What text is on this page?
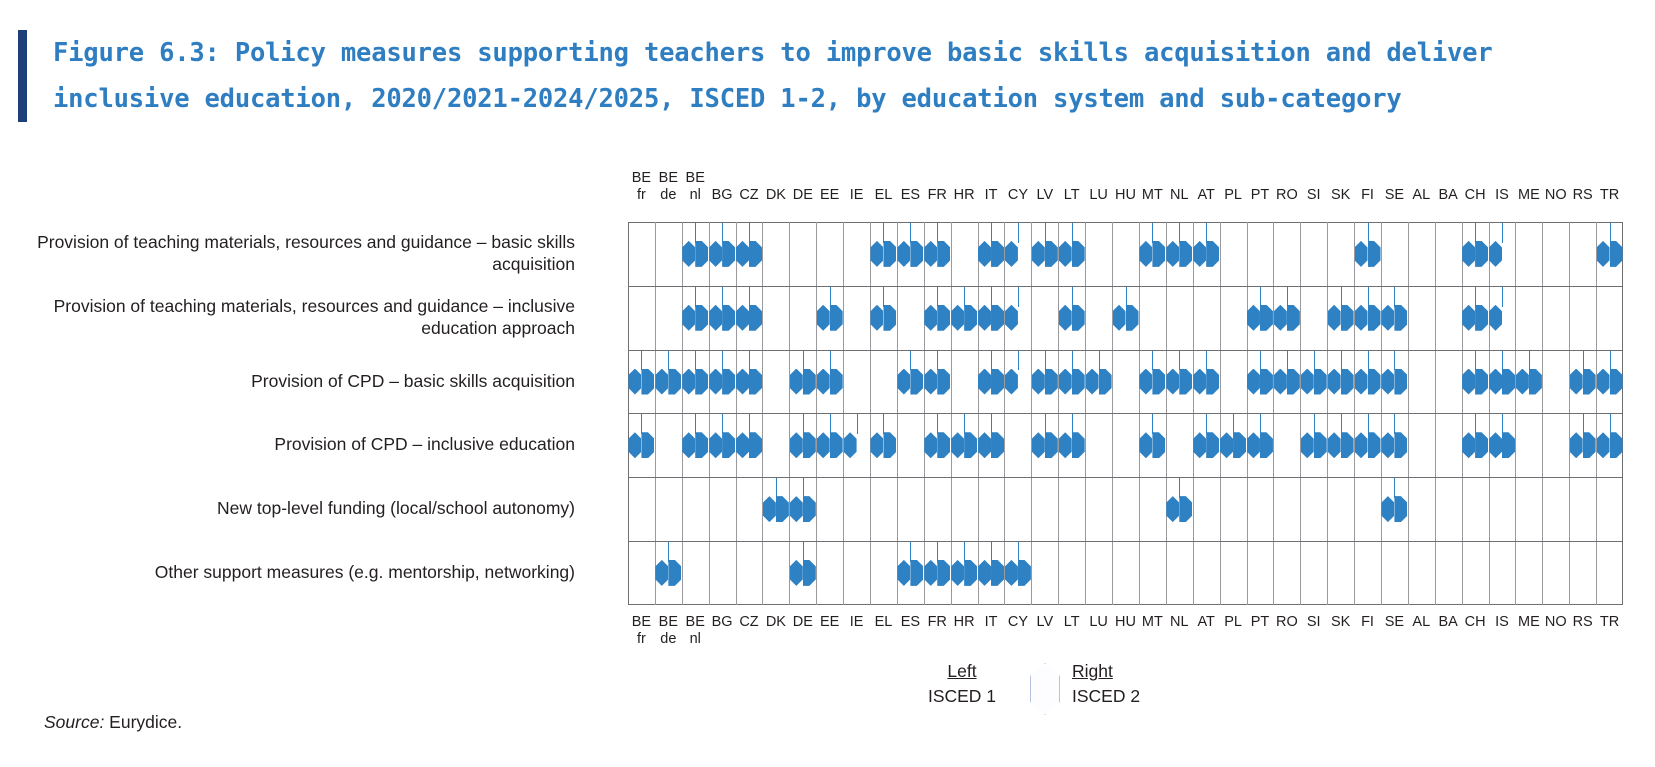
Figure 6.3: Policy measures supporting teachers to improve basic skills acquisition and deliver
inclusive education, 2020/2021-2024/2025, ISCED 1-2, by education system and sub-category
BE
fr
BE
fr
BE
de
BE
de
BE
nl
BE
nl
BG
BG
CZ
CZ
DK
DK
DE
DE
EE
EE
IE
IE
EL
EL
ES
ES
FR
FR
HR
HR
IT
IT
CY
CY
LV
LV
LT
LT
LU
LU
HU
HU
MT
MT
NL
NL
AT
AT
PL
PL
PT
PT
RO
RO
SI
SI
SK
SK
FI
FI
SE
SE
AL
AL
BA
BA
CH
CH
IS
IS
ME
ME
NO
NO
RS
RS
TR
TR
Provision of teaching materials, resources and guidance – basic skills acquisition
Provision of teaching materials, resources and guidance – inclusive education approach
Provision of CPD – basic skills acquisition
Provision of CPD – inclusive education
New top-level funding (local/school autonomy)
Other support measures (e.g. mentorship, networking)
Left
ISCED 1
Right
ISCED 2
Source: Eurydice.
